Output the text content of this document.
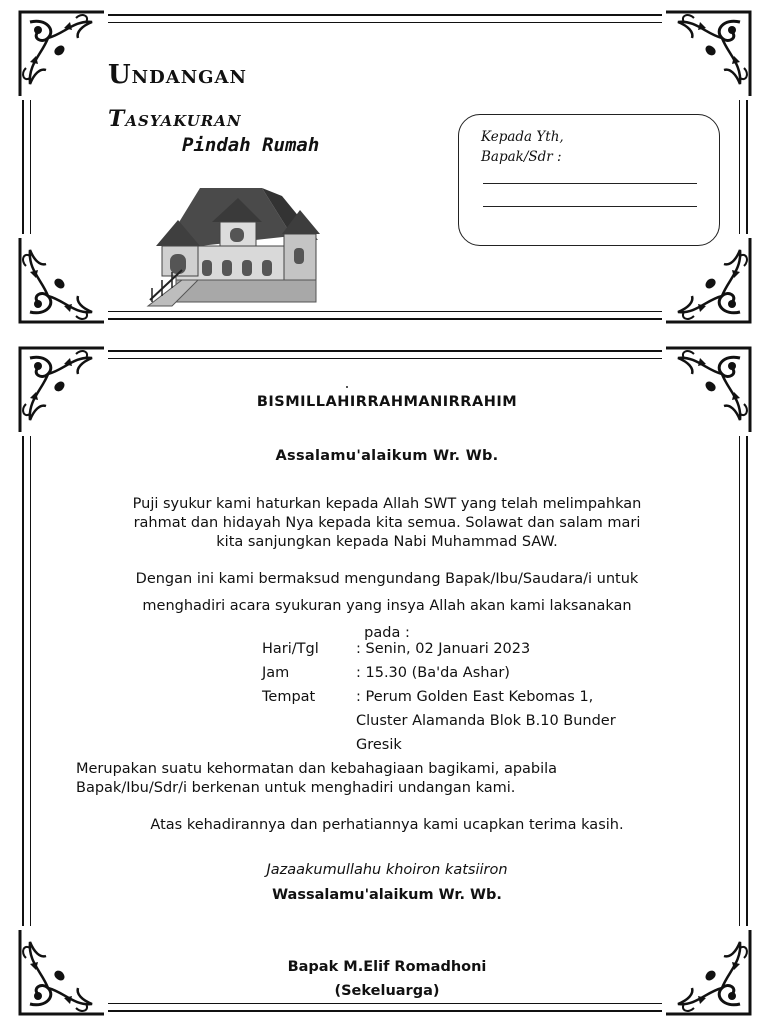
Undangan
Tasyakuran
Pindah Rumah	Kepada Yth,
Bapak/Sdr :
BISMILLAHIRRAHMANIRRAHIM
Assalamu'alaikum Wr. Wb.
Puji syukur kami haturkan kepada Allah SWT yang telah melimpahkan
rahmat dan hidayah Nya kepada kita semua. Solawat dan salam mari
kita sanjungkan kepada Nabi Muhammad SAW.
Dengan ini kami bermaksud mengundang Bapak/Ibu/Saudara/i untuk
menghadiri acara syukuran yang insya Allah akan kami laksanakan
pada :
Hari/Tgl	: Senin, 02 Januari 2023
Jam	: 15.30 (Ba'da Ashar)
Tempat	: Perum Golden East Kebomas 1,
Cluster Alamanda Blok B.10 Bunder
Gresik
Merupakan suatu kehormatan dan kebahagiaan bagikami, apabila
Bapak/Ibu/Sdr/i berkenan untuk menghadiri undangan kami.
Atas kehadirannya dan perhatiannya kami ucapkan terima kasih.
Jazaakumullahu khoiron katsiiron
Wassalamu'alaikum Wr. Wb.
Bapak M.Elif Romadhoni
(Sekeluarga)
